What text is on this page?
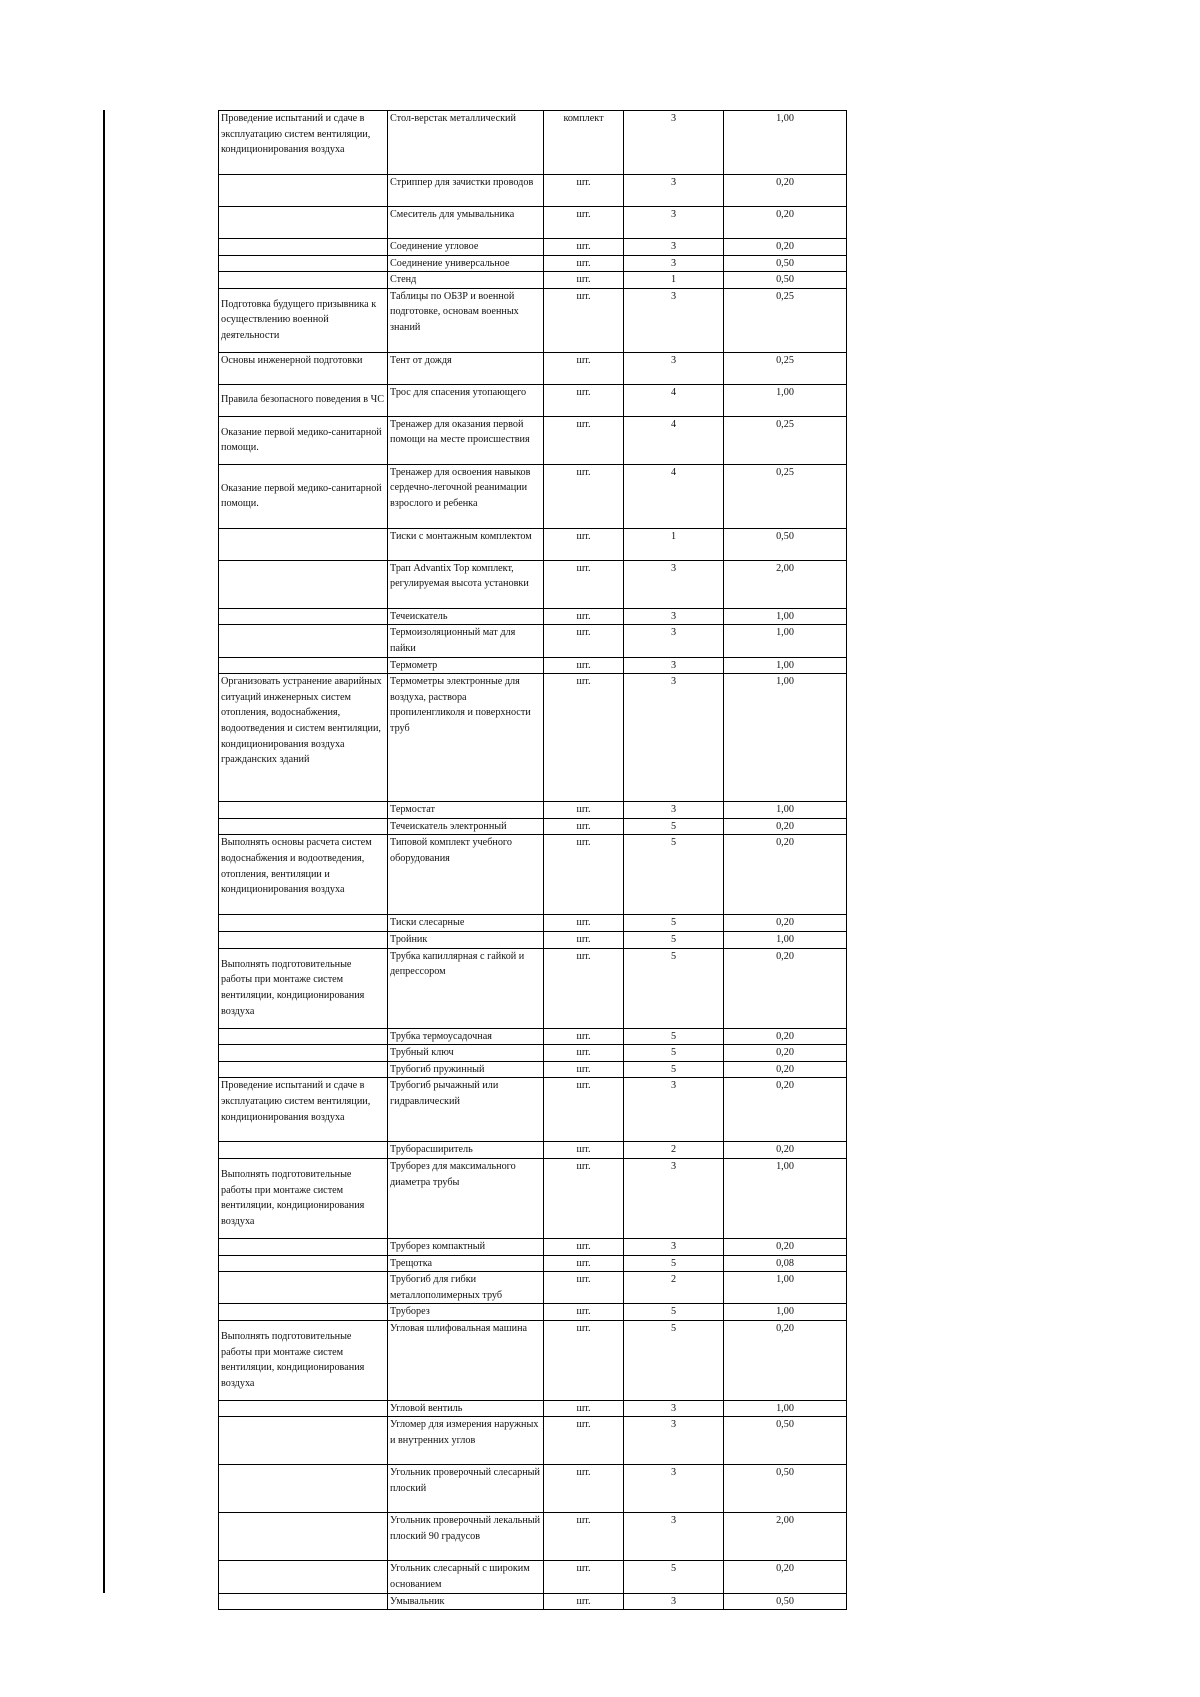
Проведение испытаний и сдаче в эксплуатацию систем вентиляции, кондиционирования воздуха	Стол-верстак металлический	комплект	3	1,00
	Стриппер для зачистки проводов	шт.	3	0,20
	Смеситель для умывальника	шт.	3	0,20
	Соединение угловое	шт.	3	0,20
	Соединение универсальное	шт.	3	0,50
	Стенд	шт.	1	0,50
Подготовка будущего призывника к осуществлению военной деятельности	Таблицы по ОБЗР и военной подготовке, основам военных знаний	шт.	3	0,25
Основы инженерной подготовки	Тент от дождя	шт.	3	0,25
Правила безопасного поведения в ЧС	Трос для спасения утопающего	шт.	4	1,00
Оказание первой медико-санитарной помощи.	Тренажер для оказания первой помощи на месте происшествия	шт.	4	0,25
Оказание первой медико-санитарной помощи.	Тренажер для освоения навыков сердечно-легочной реанимации взрослого и ребенка	шт.	4	0,25
	Тиски с монтажным комплектом	шт.	1	0,50
	Трап Advantix Top комплект, регулируемая высота установки	шт.	3	2,00
	Течеискатель	шт.	3	1,00
	Термоизоляционный мат для пайки	шт.	3	1,00
	Термометр	шт.	3	1,00
Организовать устранение аварийных ситуаций инженерных систем отопления, водоснабжения, водоотведения и систем вентиляции, кондиционирования воздуха гражданских зданий	Термометры электронные для воздуха, раствора пропиленгликоля и поверхности труб	шт.	3	1,00
	Термостат	шт.	3	1,00
	Течеискатель электронный	шт.	5	0,20
Выполнять основы расчета систем водоснабжения и водоотведения, отопления, вентиляции и кондиционирования воздуха	Типовой комплект учебного оборудования	шт.	5	0,20
	Тиски слесарные	шт.	5	0,20
	Тройник	шт.	5	1,00
Выполнять подготовительные работы при монтаже систем вентиляции, кондиционирования воздуха	Трубка капиллярная с гайкой и депрессором	шт.	5	0,20
	Трубка термоусадочная	шт.	5	0,20
	Трубный ключ	шт.	5	0,20
	Трубогиб пружинный	шт.	5	0,20
Проведение испытаний и сдаче в эксплуатацию систем вентиляции, кондиционирования воздуха	Трубогиб рычажный или гидравлический	шт.	3	0,20
	Труборасширитель	шт.	2	0,20
Выполнять подготовительные работы при монтаже систем вентиляции, кондиционирования воздуха	Труборез для максимального диаметра трубы	шт.	3	1,00
	Труборез компактный	шт.	3	0,20
	Трещотка	шт.	5	0,08
	Трубогиб для гибки металлополимерных труб	шт.	2	1,00
	Труборез	шт.	5	1,00
Выполнять подготовительные работы при монтаже систем вентиляции, кондиционирования воздуха	Угловая шлифовальная машина	шт.	5	0,20
	Угловой вентиль	шт.	3	1,00
	Угломер для измерения наружных и внутренних углов	шт.	3	0,50
	Угольник проверочный слесарный плоский	шт.	3	0,50
	Угольник проверочный лекальный плоский 90 градусов	шт.	3	2,00
	Угольник слесарный с широким основанием	шт.	5	0,20
	Умывальник	шт.	3	0,50
